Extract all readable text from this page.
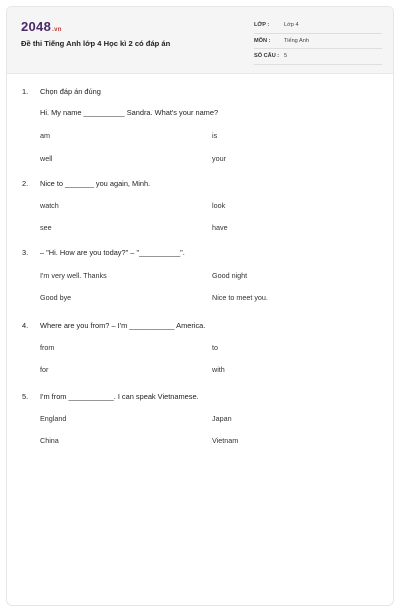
2048.vn
Đề thi Tiếng Anh lớp 4 Học kì 2 có đáp án
LỚP :	Lớp 4
MÔN :	Tiếng Anh
SỐ CÂU : 5
1. Chọn đáp án đúng
Hi. My name __________ Sandra. What's your name?
am	is
well	your
2. Nice to _______ you again, Minh.
watch	look
see	have
3. – "Hi. How are you today?" – "__________".
I'm very well. Thanks	Good night
Good bye	Nice to meet you.
4. Where are you from? – I'm ___________ America.
from	to
for	with
5. I'm from ___________. I can speak Vietnamese.
England	Japan
China	Vietnam
